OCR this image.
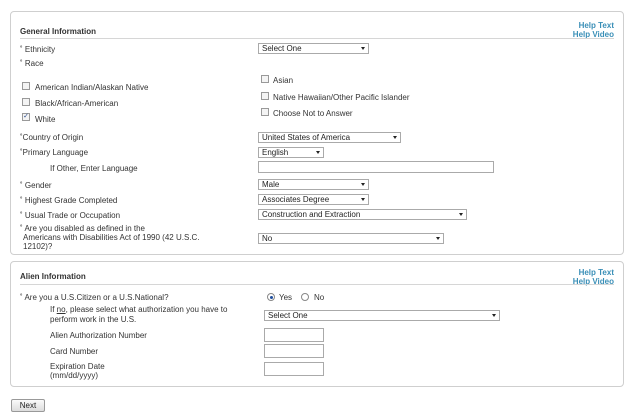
General Information
Help Text
Help Video
˚ Ethnicity	Select One
˚ Race
American Indian/Alaskan Native
Black/African-American
✓ White
Asian
Native Hawaiian/Other Pacific Islander
Choose Not to Answer
˚Country of Origin	United States of America
˚Primary Language	English
If Other, Enter Language
˚ Gender	Male
˚ Highest Grade Completed	Associates Degree
˚ Usual Trade or Occupation	Construction and Extraction
˚ Are you disabled as defined in the
Americans with Disabilities Act of 1990 (42 U.S.C.
12102)?
No
Alien Information	Help Text
Help Video
˚ Are you a U.S.Citizen or a U.S.National?	Yes	No
If no, please select what authorization you have to
perform work in the U.S.	Select One
Alien Authorization Number
Card Number
Expiration Date
(mm/dd/yyyy)
Next
